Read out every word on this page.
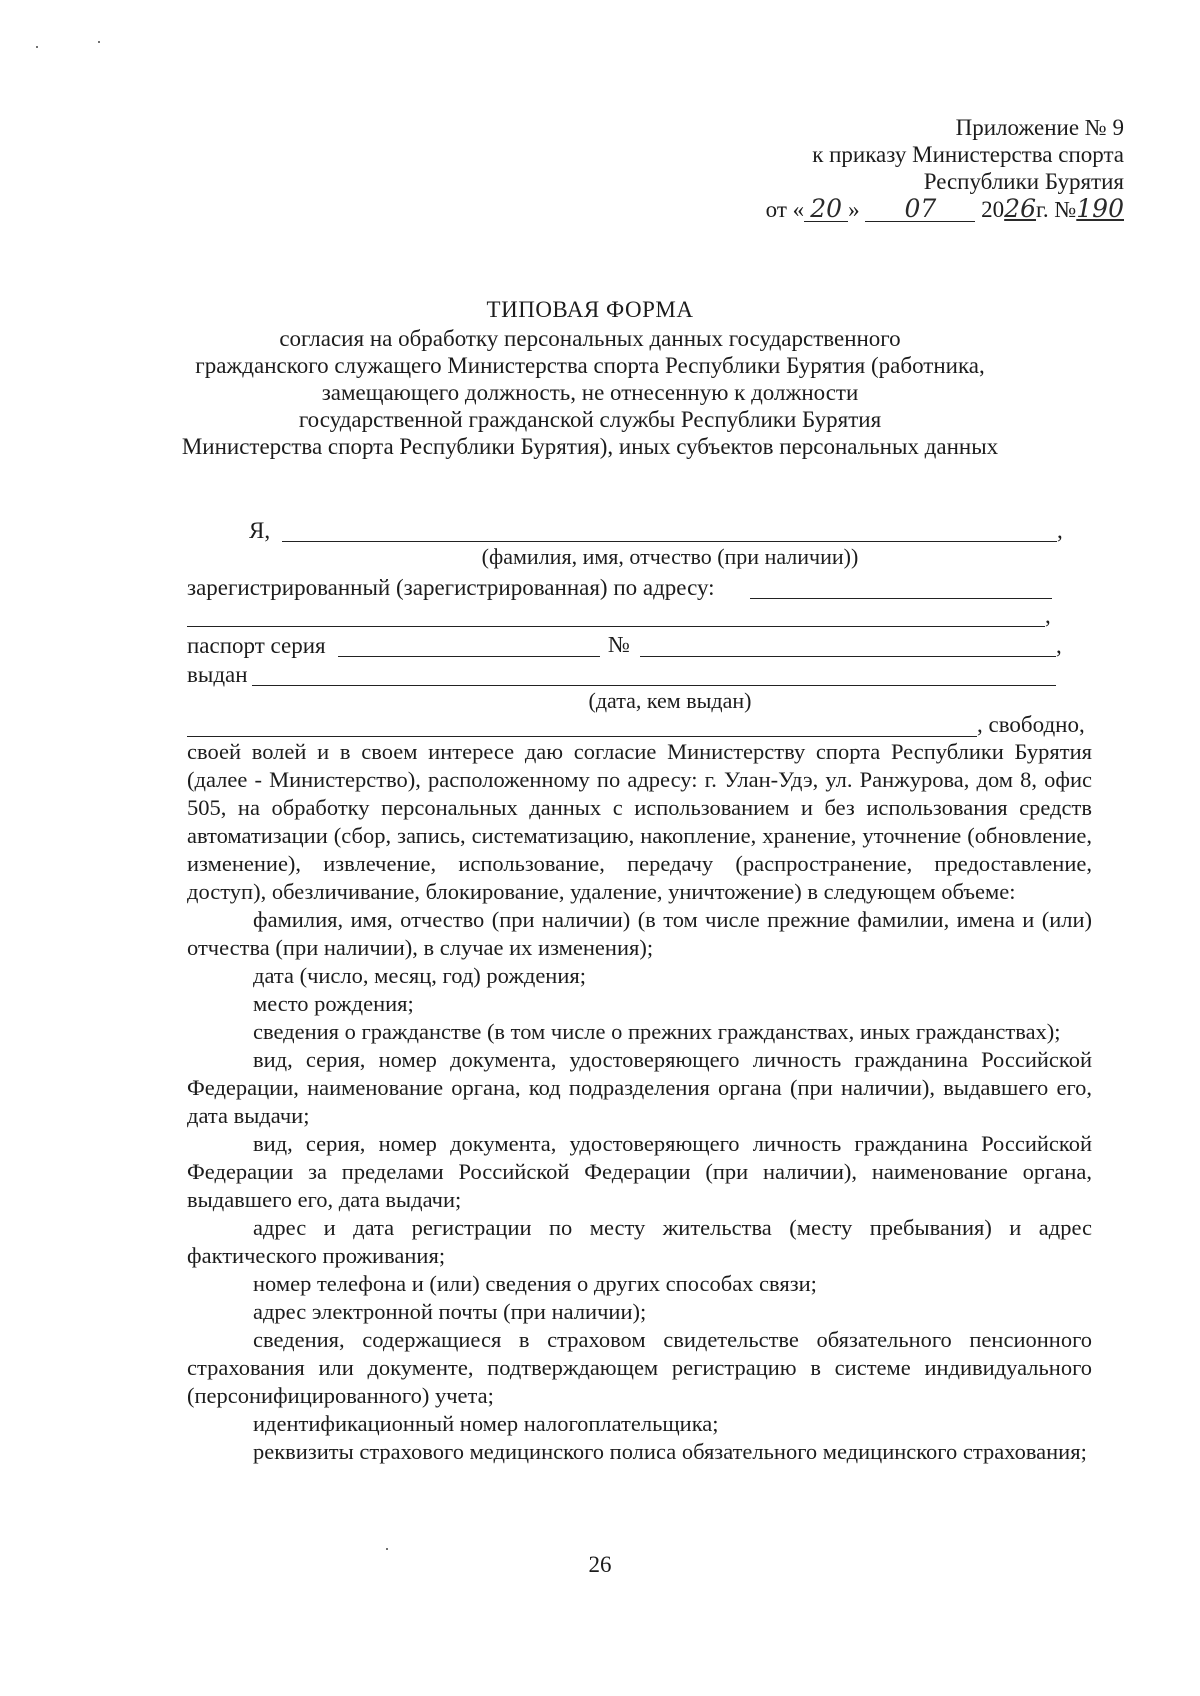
Приложение № 9
к приказу Министерства спорта
Республики Бурятия
от « 20 » 07 2026г. №190
ТИПОВАЯ ФОРМА
согласия на обработку персональных данных государственного
гражданского служащего Министерства спорта Республики Бурятия (работника,
замещающего должность, не отнесенную к должности
государственной гражданской службы Республики Бурятия
Министерства спорта Республики Бурятия), иных субъектов персональных данных
Я,	,
(фамилия, имя, отчество (при наличии))
зарегистрированный (зарегистрированная) по адресу:
,
паспорт серия	№	,
выдан
(дата, кем выдан)
, свободно,

своей волей и в своем интересе даю согласие Министерству спорта Республики Бурятия (далее - Министерство), расположенному по адресу: г. Улан-Удэ, ул. Ранжурова, дом 8, офис 505, на обработку персональных данных с использованием и без использования средств автоматизации (сбор, запись, систематизацию, накопление, хранение, уточнение (обновление, изменение), извлечение, использование, передачу (распространение, предоставление, доступ), обезличивание, блокирование, удаление, уничтожение) в следующем объеме:

фамилия, имя, отчество (при наличии) (в том числе прежние фамилии, имена и (или) отчества (при наличии), в случае их изменения);

дата (число, месяц, год) рождения;

место рождения;

сведения о гражданстве (в том числе о прежних гражданствах, иных гражданствах);

вид, серия, номер документа, удостоверяющего личность гражданина Российской Федерации, наименование органа, код подразделения органа (при наличии), выдавшего его, дата выдачи;

вид, серия, номер документа, удостоверяющего личность гражданина Российской Федерации за пределами Российской Федерации (при наличии), наименование органа, выдавшего его, дата выдачи;

адрес и дата регистрации по месту жительства (месту пребывания) и адрес фактического проживания;

номер телефона и (или) сведения о других способах связи;

адрес электронной почты (при наличии);

сведения, содержащиеся в страховом свидетельстве обязательного пенсионного страхования или документе, подтверждающем регистрацию в системе индивидуального (персонифицированного) учета;

идентификационный номер налогоплательщика;

реквизиты страхового медицинского полиса обязательного медицинского страхования;

26
